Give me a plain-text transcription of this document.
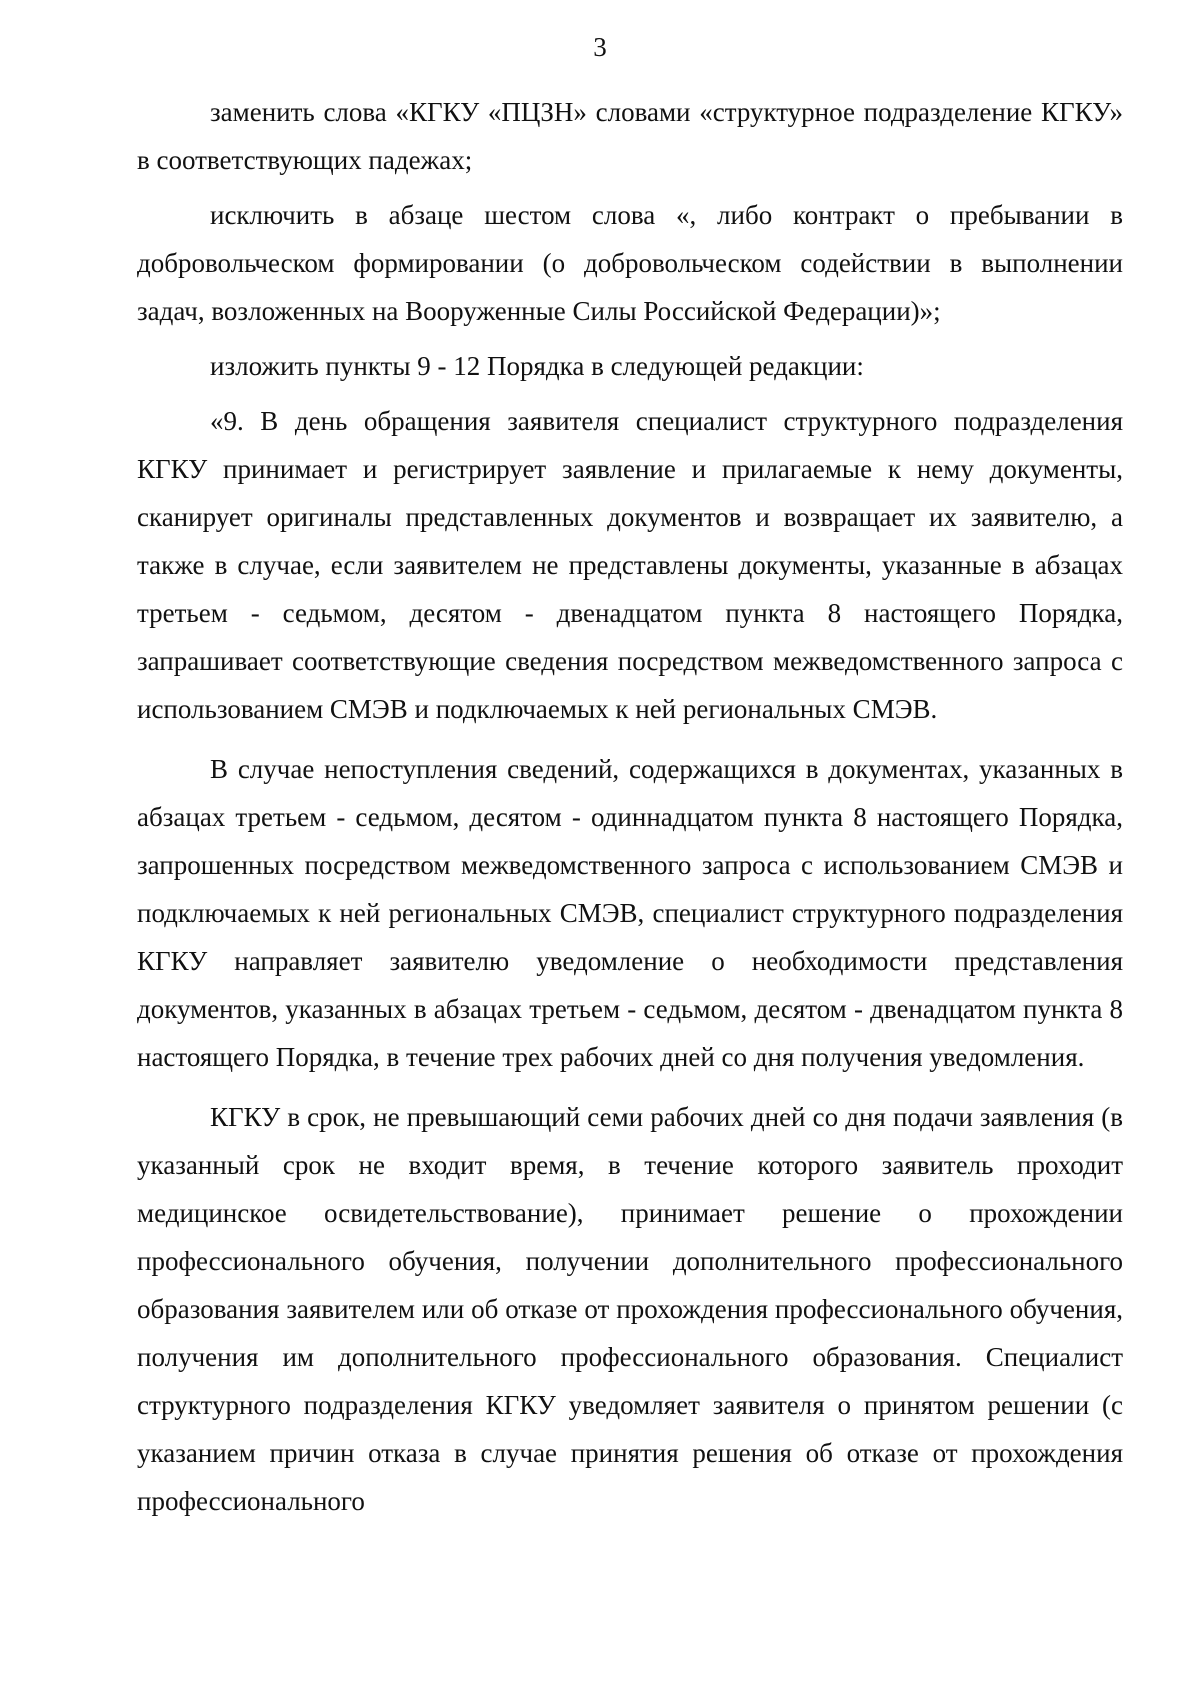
3

заменить слова «КГКУ «ПЦЗН» словами «структурное подразделение КГКУ» в соответствующих падежах;

исключить в абзаце шестом слова «, либо контракт о пребывании в добровольческом формировании (о добровольческом содействии в выполнении задач, возложенных на Вооруженные Силы Российской Федерации)»;

изложить пункты 9 - 12 Порядка в следующей редакции:

«9. В день обращения заявителя специалист структурного подразделения КГКУ принимает и регистрирует заявление и прилагаемые к нему документы, сканирует оригиналы представленных документов и возвращает их заявителю, а также в случае, если заявителем не представлены документы, указанные в абзацах третьем - седьмом, десятом - двенадцатом пункта 8 настоящего Порядка, запрашивает соответствующие сведения посредством межведомственного запроса с использованием СМЭВ и подключаемых к ней региональных СМЭВ.

В случае непоступления сведений, содержащихся в документах, указанных в абзацах третьем - седьмом, десятом - одиннадцатом пункта 8 настоящего Порядка, запрошенных посредством межведомственного запроса с использованием СМЭВ и подключаемых к ней региональных СМЭВ, специалист структурного подразделения КГКУ направляет заявителю уведомление о необходимости представления документов, указанных в абзацах третьем - седьмом, десятом - двенадцатом пункта 8 настоящего Порядка, в течение трех рабочих дней со дня получения уведомления.

КГКУ в срок, не превышающий семи рабочих дней со дня подачи заявления (в указанный срок не входит время, в течение которого заявитель проходит медицинское освидетельствование), принимает решение о прохождении профессионального обучения, получении дополнительного профессионального образования заявителем или об отказе от прохождения профессионального обучения, получения им дополнительного профессионального образования. Специалист структурного подразделения КГКУ уведомляет заявителя о принятом решении (с указанием причин отказа в случае принятия решения об отказе от прохождения профессионального
